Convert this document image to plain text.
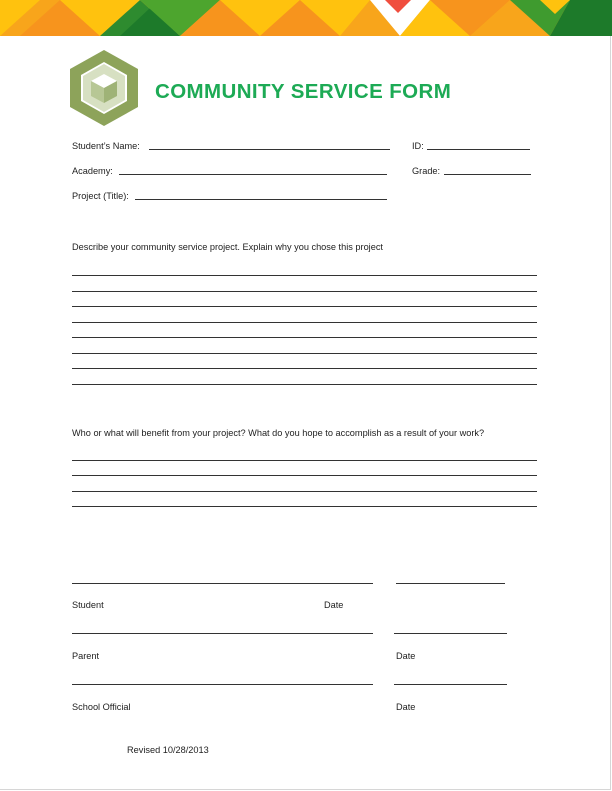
COMMUNITY SERVICE FORM
Student’s Name:	ID:
Academy:	Grade:
Project (Title):
Describe your community service project. Explain why you chose this project
Who or what will benefit from your project? What do you hope to accomplish as a result of your work?
Student	Date
Parent	Date
School Official	Date
Revised 10/28/2013
